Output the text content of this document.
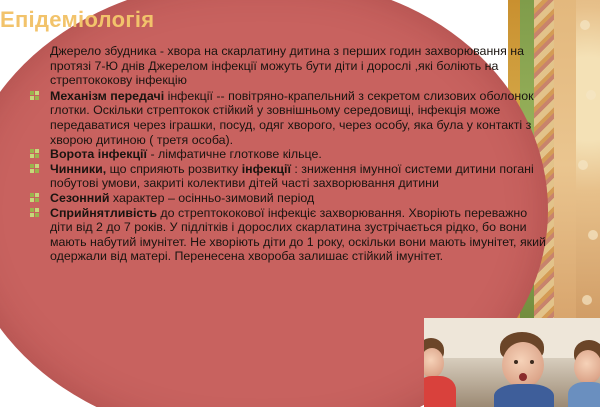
Епідеміологія

Джерело збудника - хвора на скарлатину дитина з перших годин захворювання на протязі 7-Ю днів Джерелом інфекції можуть бути діти і дорослі ,які боліють на стрептококову інфекцію

Механізм передачі інфекції -- повітряно-крапельний з секретом слизових оболонок глотки. Оскільки стрептокок стійкий у зовнішньому середовищі, інфекція може передаватися через іграшки, посуд, одяг хворого, через особу, яка була у контакті з хворою дитиною ( третя особа).
Ворота інфекції - лімфатичне глоткове кільце.
Чинники, що сприяють розвитку інфекції : зниження імунної системи дитини погані побутові умови, закриті колективи дітей часті захворювання дитини
Сезонний характер – осінньо-зимовий період
Сприйнятливість до стрептококової інфекціє захворювання. Хворіють переважно діти від 2 до 7 років. У підлітків і дорослих скарлатина зустрічається рідко, бо вони мають набутий імунітет. Не хворіють діти до 1 року, оскільки вони мають імунітет, який одержали від матері. Перенесена хвороба залишає стійкий імунітет.
